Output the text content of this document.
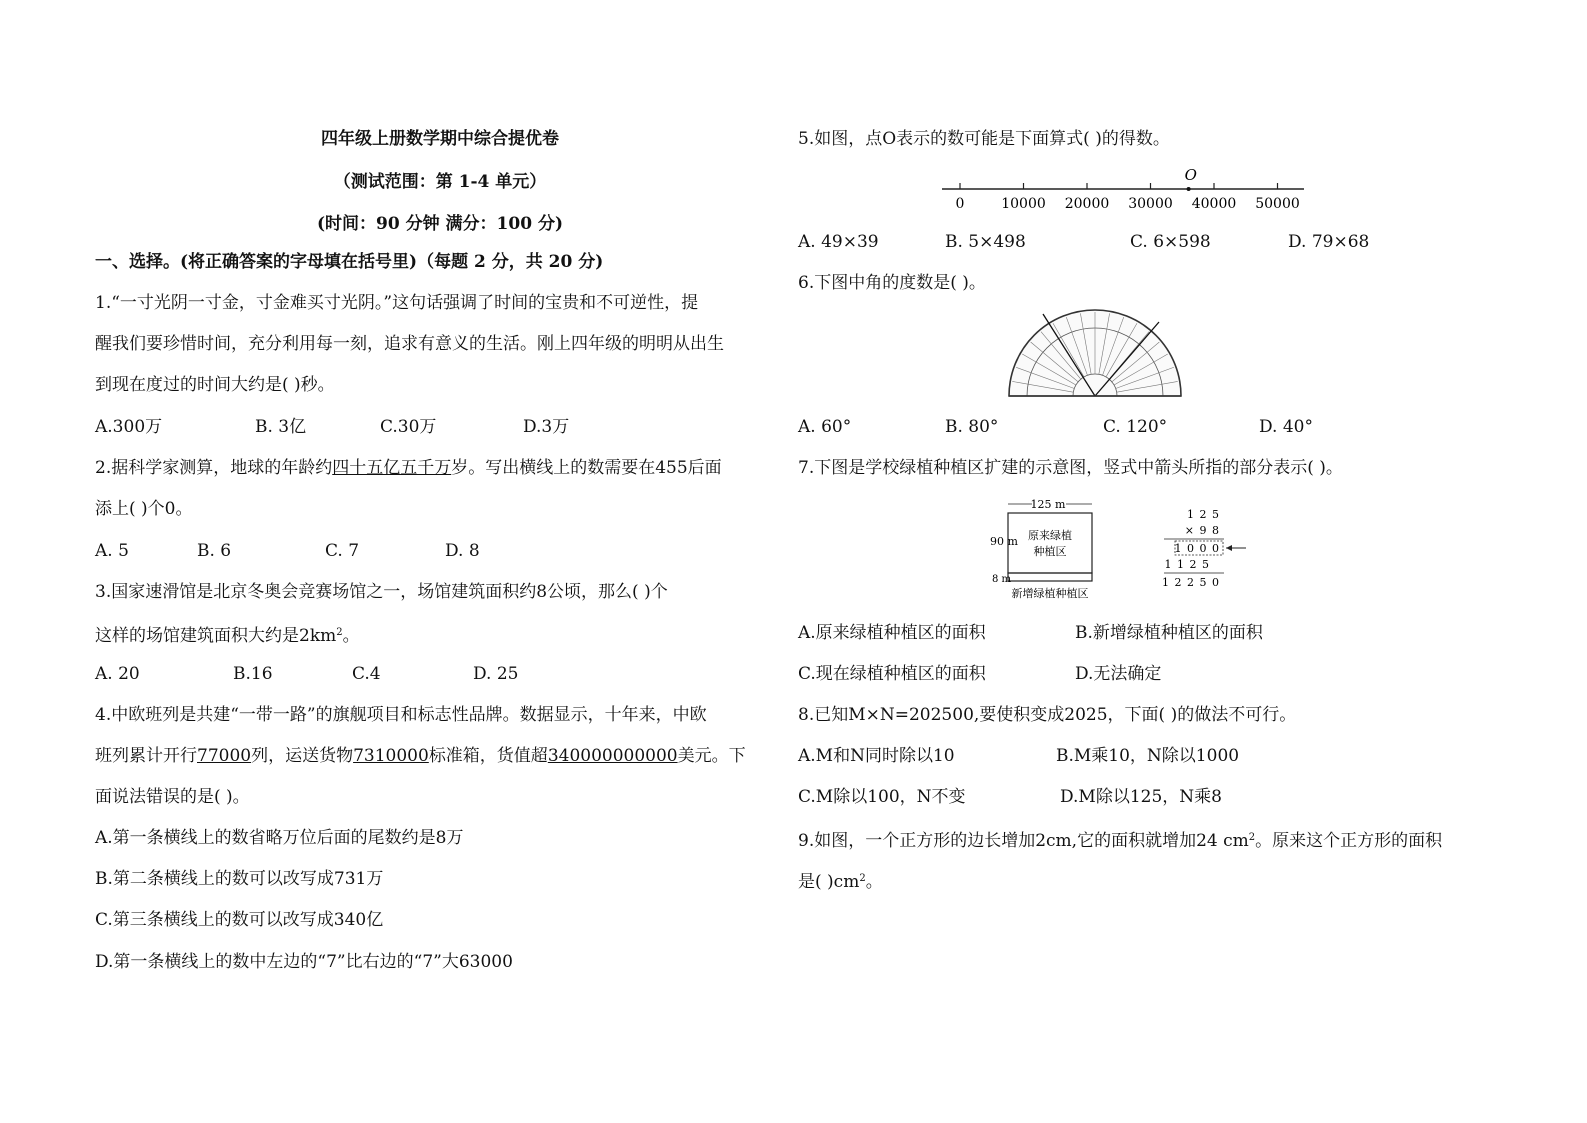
四年级上册数学期中综合提优卷
（测试范围：第 1-4 单元）
(时间：90 分钟 满分：100 分)
一、选择。(将正确答案的字母填在括号里)（每题 2 分，共 20 分)
1.“一寸光阴一寸金，寸金难买寸光阴。”这句话强调了时间的宝贵和不可逆性，提
醒我们要珍惜时间，充分利用每一刻，追求有意义的生活。刚上四年级的明明从出生
到现在度过的时间大约是( )秒。
A.300万	B. 3亿	C.30万	D.3万
2.据科学家测算，地球的年龄约四十五亿五千万岁。写出横线上的数需要在455后面
添上( )个0。
A. 5	B. 6	C. 7	D. 8
3.国家速滑馆是北京冬奥会竞赛场馆之一，场馆建筑面积约8公顷，那么( )个
这样的场馆建筑面积大约是$2km^2$。
A. 20	B.16	C.4	D. 25
4.中欧班列是共建“一带一路”的旗舰项目和标志性品牌。数据显示，十年来，中欧
班列累计开行77000列，运送货物7310000标准箱，货值超340000000000美元。下
面说法错误的是( )。
A.第一条横线上的数省略万位后面的尾数约是8万
B.第二条横线上的数可以改写成731万
C.第三条横线上的数可以改写成340亿
D.第一条横线上的数中左边的“7”比右边的“7”大63000
5.如图，点O表示的数可能是下面算式( )的得数。
0	10000 20000 30000 40000 50000
O
A. 49×39	B. 5×498	C. 6×598	D. 79×68
6.下图中角的度数是( )。
A. 60°	B. 80°	C. 120°	D. 40°
7.下图是学校绿植种植区扩建的示意图，竖式中箭头所指的部分表示( )。
125 m
90 m
8 m
原来绿植
种植区
新增绿植种植区
1 2 5
× 9 8
1 0 0 0
1 1 2 5
1 2 2 5 0
A.原来绿植种植区的面积	B.新增绿植种植区的面积
C.现在绿植种植区的面积	D.无法确定
8.已知M×N=202500,要使积变成2025，下面( )的做法不可行。
A.M和N同时除以10	B.M乘10，N除以1000
C.M除以100，N不变	D.M除以125，N乘8
9.如图，一个正方形的边长增加2cm,它的面积就增加24 $cm^2$。原来这个正方形的面积
是( )$cm^2$。
